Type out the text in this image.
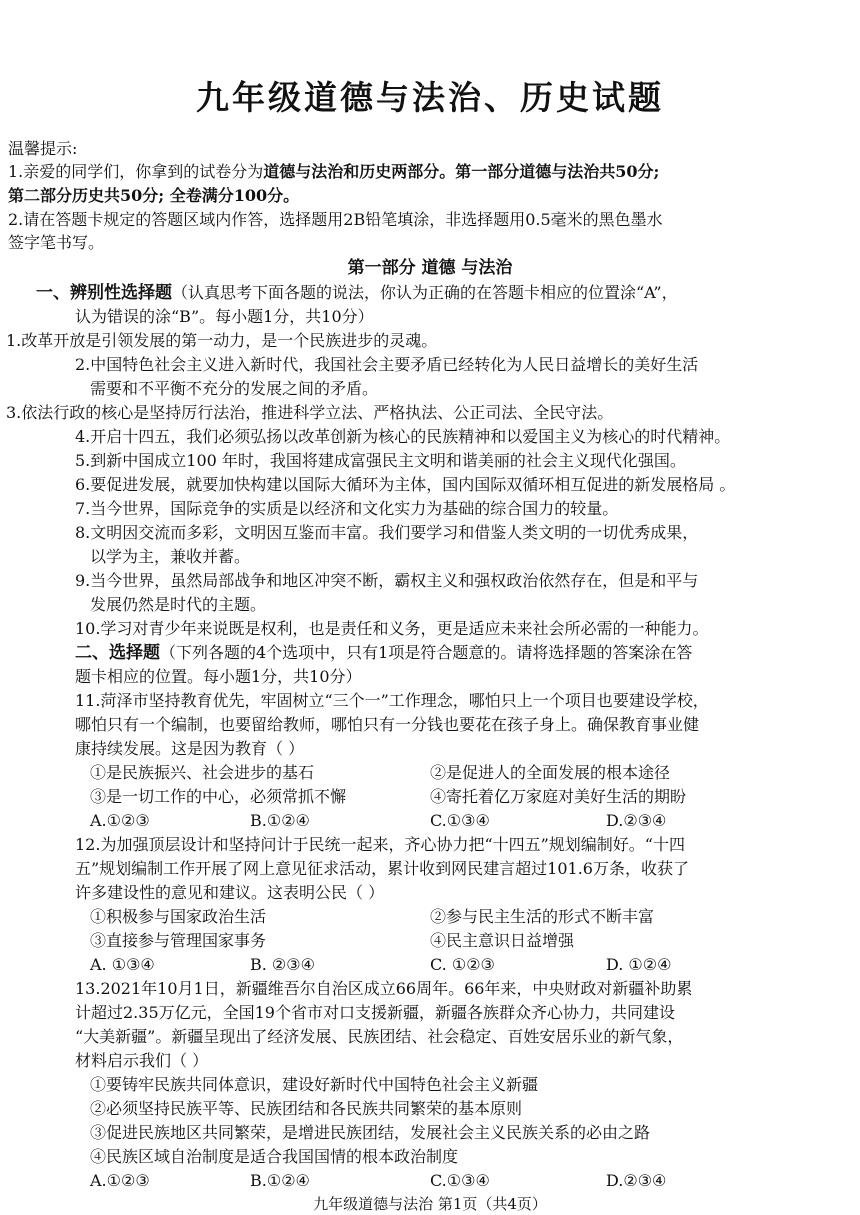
九年级道德与法治、历史试题
温馨提示:
1.亲爱的同学们，你拿到的试卷分为道德与法治和历史两部分。第一部分道德与法治共50分;
第二部分历史共50分; 全卷满分100分。
2.请在答题卡规定的答题区域内作答，选择题用2B铅笔填涂，非选择题用0.5毫米的黑色墨水
签字笔书写。
第一部分 道德 与法治
一、辨别性选择题（认真思考下面各题的说法，你认为正确的在答题卡相应的位置涂“A”，
认为错误的涂“B”。每小题1分，共10分）
1.改革开放是引领发展的第一动力，是一个民族进步的灵魂。
2.中国特色社会主义进入新时代，我国社会主要矛盾已经转化为人民日益增长的美好生活
需要和不平衡不充分的发展之间的矛盾。
3.依法行政的核心是坚持厉行法治，推进科学立法、严格执法、公正司法、全民守法。
4.开启十四五，我们必须弘扬以改革创新为核心的民族精神和以爱国主义为核心的时代精神。
5.到新中国成立100 年时，我国将建成富强民主文明和谐美丽的社会主义现代化强国。
6.要促进发展，就要加快构建以国际大循环为主体，国内国际双循环相互促进的新发展格局 。
7.当今世界，国际竞争的实质是以经济和文化实力为基础的综合国力的较量。
8.文明因交流而多彩，文明因互鉴而丰富。我们要学习和借鉴人类文明的一切优秀成果，
以学为主，兼收并蓄。
9.当今世界，虽然局部战争和地区冲突不断，霸权主义和强权政治依然存在，但是和平与
发展仍然是时代的主题。
10.学习对青少年来说既是权利，也是责任和义务，更是适应未来社会所必需的一种能力。
二、选择题（下列各题的4个选项中，只有1项是符合题意的。请将选择题的答案涂在答
题卡相应的位置。每小题1分，共10分）
11.菏泽市坚持教育优先，牢固树立“三个一”工作理念，哪怕只上一个项目也要建设学校，
哪怕只有一个编制，也要留给教师，哪怕只有一分钱也要花在孩子身上。确保教育事业健
康持续发展。这是因为教育（ ）
①是民族振兴、社会进步的基石	②是促进人的全面发展的根本途径
③是一切工作的中心，必须常抓不懈	④寄托着亿万家庭对美好生活的期盼
A.①②③	B.①②④	C.①③④	D.②③④
12.为加强顶层设计和坚持问计于民统一起来，齐心协力把“十四五”规划编制好。“十四
五”规划编制工作开展了网上意见征求活动，累计收到网民建言超过101.6万条，收获了
许多建设性的意见和建议。这表明公民（ ）
①积极参与国家政治生活	②参与民主生活的形式不断丰富
③直接参与管理国家事务	④民主意识日益增强
A. ①③④	B. ②③④	C. ①②③	D. ①②④
13.2021年10月1日，新疆维吾尔自治区成立66周年。66年来，中央财政对新疆补助累
计超过2.35万亿元，全国19个省市对口支援新疆，新疆各族群众齐心协力，共同建设
“大美新疆”。新疆呈现出了经济发展、民族团结、社会稳定、百姓安居乐业的新气象，
材料启示我们（ ）
①要铸牢民族共同体意识，建设好新时代中国特色社会主义新疆
②必须坚持民族平等、民族团结和各民族共同繁荣的基本原则
③促进民族地区共同繁荣，是增进民族团结，发展社会主义民族关系的必由之路
④民族区域自治制度是适合我国国情的根本政治制度
A.①②③	B.①②④	C.①③④	D.②③④
九年级道德与法治 第1页（共4页）
